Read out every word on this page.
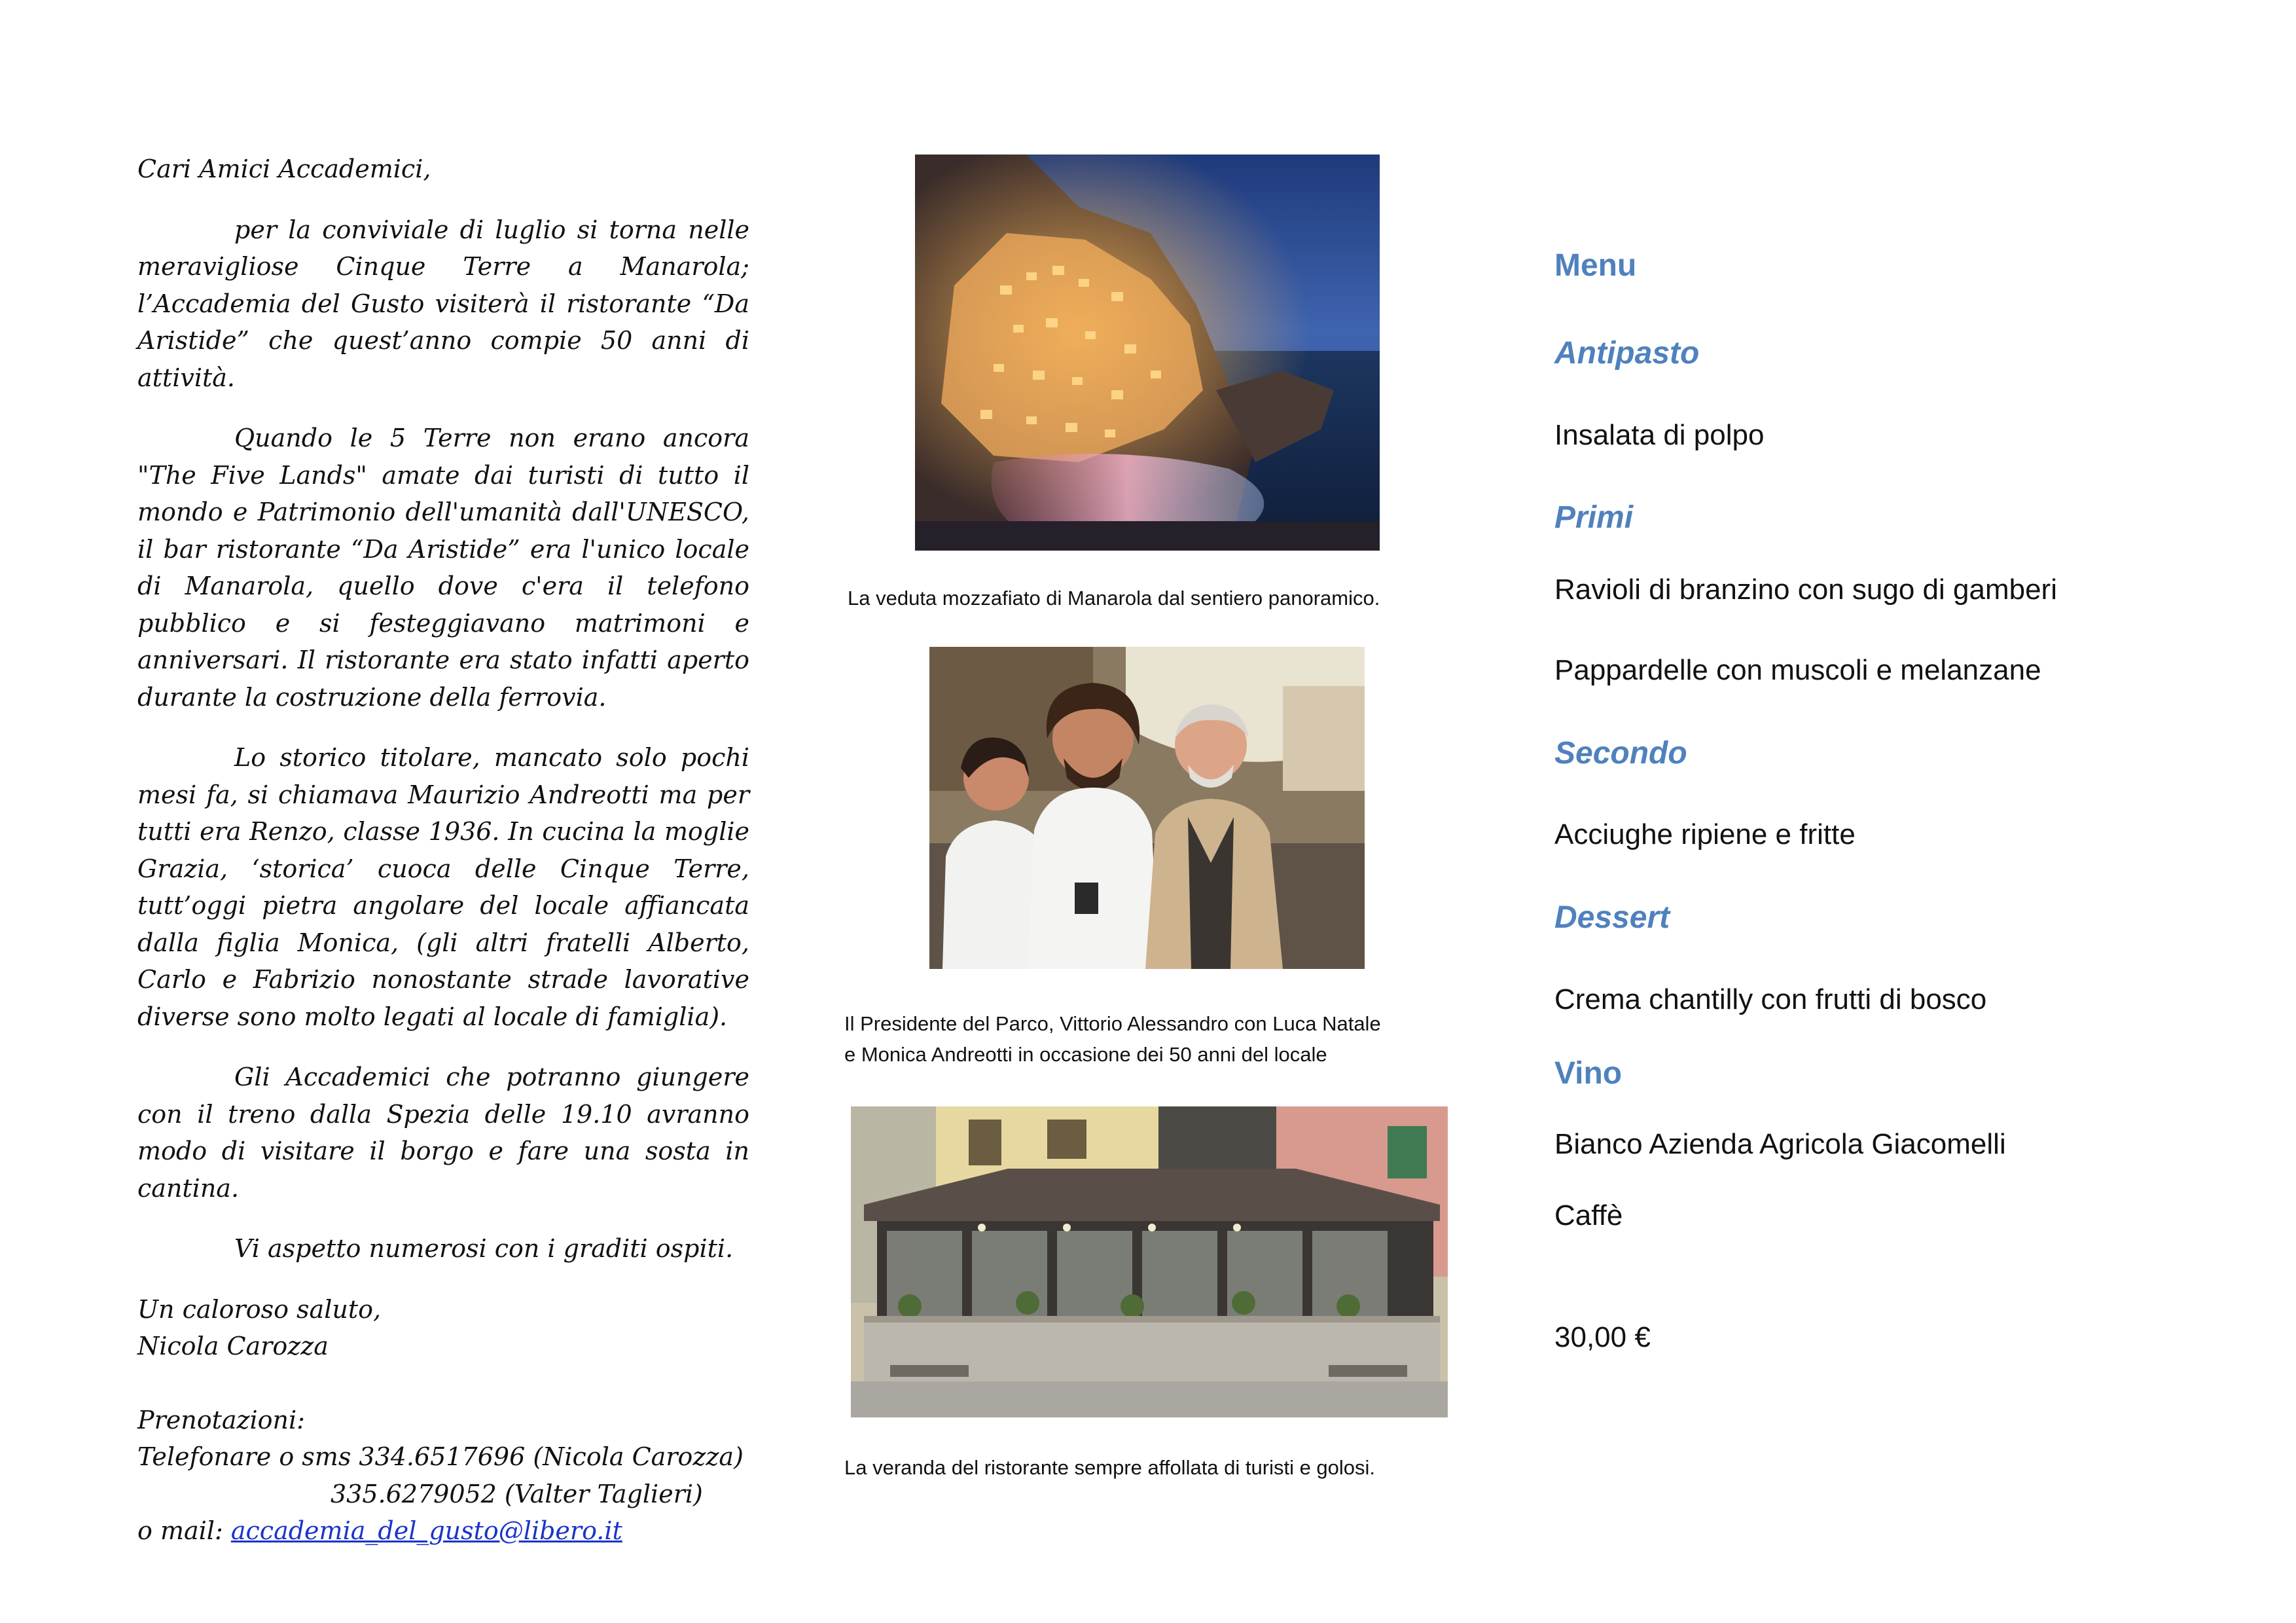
Cari Amici Accademici,

per la conviviale di luglio si torna nelle meravigliose Cinque Terre a Manarola; l’Accademia del Gusto visiterà il ristorante “Da Aristide” che quest’anno compie 50 anni di attività.

Quando le 5 Terre non erano ancora "The Five Lands" amate dai turisti di tutto il mondo e Patrimonio dell'umanità dall'UNESCO, il bar ristorante “Da Aristide” era l'unico locale di Manarola, quello dove c'era il telefono pubblico e si festeggiavano matrimoni e anniversari. Il ristorante era stato infatti aperto durante la costruzione della ferrovia.

Lo storico titolare, mancato solo pochi mesi fa, si chiamava Maurizio Andreotti ma per tutti era Renzo, classe 1936. In cucina la moglie Grazia, ‘storica’ cuoca delle Cinque Terre, tutt’oggi pietra angolare del locale affiancata dalla figlia Monica, (gli altri fratelli Alberto, Carlo e Fabrizio nonostante strade lavorative diverse sono molto legati al locale di famiglia).

Gli Accademici che potranno giungere con il treno dalla Spezia delle 19.10 avranno modo di visitare il borgo e fare una sosta in cantina.

Vi aspetto numerosi con i graditi ospiti.

Un caloroso saluto,

Nicola Carozza

Prenotazioni:

Telefonare o sms 334.6517696 (Nicola Carozza)

335.6279052 (Valter Taglieri)

o mail: accademia_del_gusto@libero.it

La veduta mozzafiato di Manarola dal sentiero panoramico.
Il Presidente del Parco, Vittorio Alessandro con Luca Natale
e Monica Andreotti in occasione dei 50 anni del locale
La veranda del ristorante sempre affollata di turisti e golosi.
Menu
Antipasto
Insalata di polpo
Primi
Ravioli di branzino con sugo di gamberi
Pappardelle con muscoli e melanzane
Secondo
Acciughe ripiene e fritte
Dessert
Crema chantilly con frutti di bosco
Vino
Bianco Azienda Agricola Giacomelli
Caffè
30,00 €
